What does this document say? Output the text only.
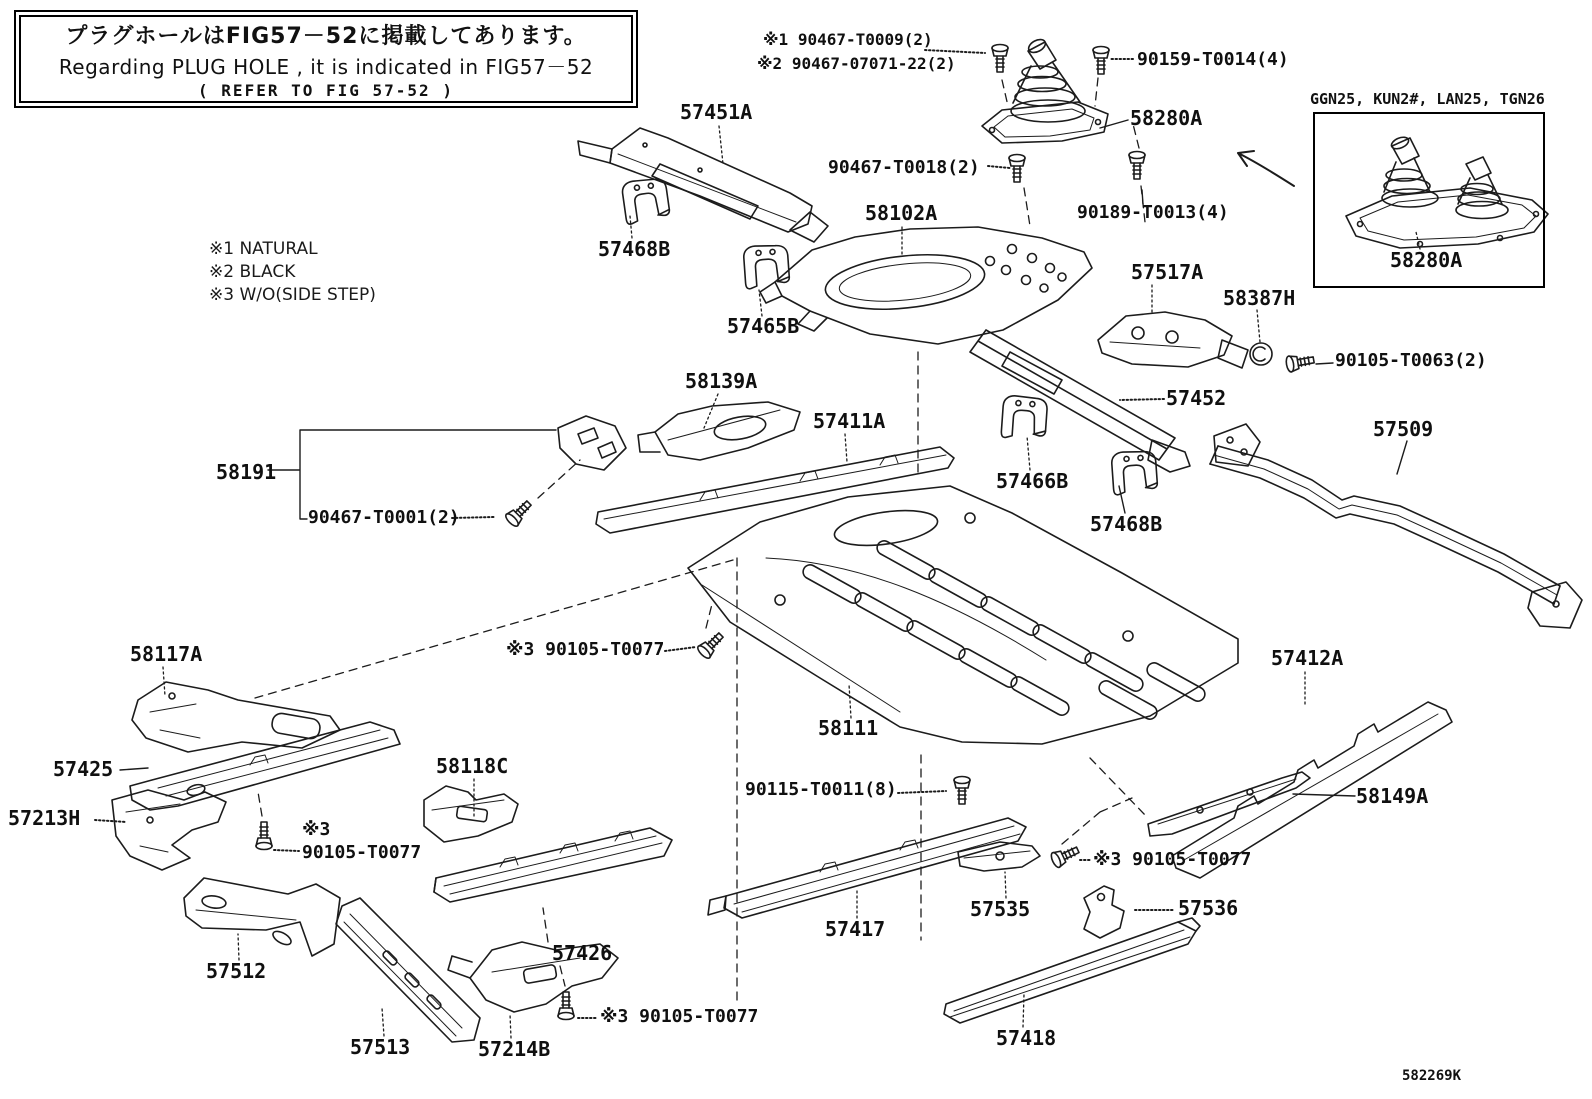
プラグホールはFIG57－52に掲載してあります。
Regarding PLUG HOLE , it is indicated in FIG57－52
( REFER TO FIG 57-52 )
※1 NATURAL
※2 BLACK
※3 W/O(SIDE STEP)
GGN25, KUN2#, LAN25, TGN26
※1 90467-T0009(2)
※2 90467-07071-22(2)	90159-T0014(4)
58280A
90467-T0018(2)
90189-T0013(4)
57451A
57468B
58102A
57465B
57517A
58387H
90105-T0063(2)
57452
58139A
57411A	57509
58191
90467-T0001(2)
57466B
57468B
58117A
57425
57213H	※3
90105-T0077
57512
58118C
57426
※3 90105-T0077
57513	57214B
※3 90105-T0077
58111
90115-T0011(8)
57417
57535
※3 90105-T0077
57536
57418
57412A
58149A
58280A
582269K
